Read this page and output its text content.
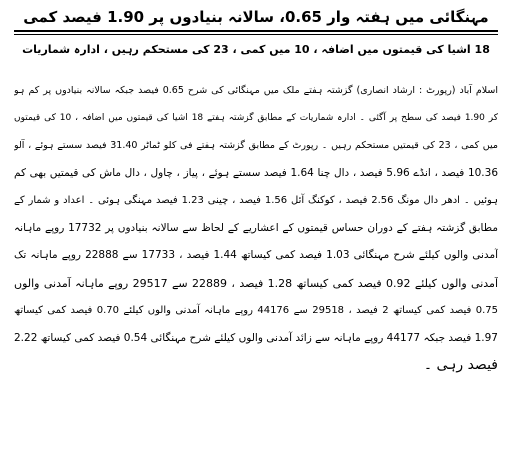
مہنگائی میں ہفتہ وار 0.65، سالانہ بنیادوں پر 1.90 فیصد کمی
18 اشیا کی قیمتوں میں اضافہ ، 10 میں کمی ، 23 کی مستحکم رہیں ، ادارہ شماریات
اسلام آباد (رپورٹ : ارشاد انصاری) گزشتہ ہفتے ملک میں مہنگائی کی شرح 0.65 فیصد جبکہ سالانہ بنیادوں پر کم ہو
کر 1.90 فیصد کی سطح پر آگئی ۔ ادارہ شماریات کے مطابق گزشتہ ہفتے 18 اشیا کی قیمتوں میں اضافہ ، 10 کی قیمتوں
میں کمی ، 23 کی قیمتیں مستحکم رہیں ۔ رپورٹ کے مطابق گزشتہ ہفتے فی کلو ٹماٹر 31.40 فیصد سستے ہوئے ، آلو
10.36 فیصد ، انڈے 5.96 فیصد ، دال چنا 1.64 فیصد سستے ہوئے ، پیاز ، چاول ، دال ماش کی قیمتیں بھی کم
ہوئیں ۔ ادھر دال مونگ 2.56 فیصد ، کوکنگ آئل 1.56 فیصد ، چینی 1.23 فیصد مہنگی ہوئی ۔ اعداد و شمار کے
مطابق گزشتہ ہفتے کے دوران حساس قیمتوں کے اعشاریے کے لحاظ سے سالانہ بنیادوں پر 17732 روپے ماہانہ
آمدنی والوں کیلئے شرح مہنگائی 1.03 فیصد کمی کیساتھ 1.44 فیصد ، 17733 سے 22888 روپے ماہانہ تک
آمدنی والوں کیلئے 0.92 فیصد کمی کیساتھ 1.28 فیصد ، 22889 سے 29517 روپے ماہانہ آمدنی والوں
0.75 فیصد کمی کیساتھ 2 فیصد ، 29518 سے 44176 روپے ماہانہ آمدنی والوں کیلئے 0.70 فیصد کمی کیساتھ
1.97 فیصد جبکہ 44177 روپے ماہانہ سے زائد آمدنی والوں کیلئے شرح مہنگائی 0.54 فیصد کمی کیساتھ 2.22
فیصد رہی ۔
